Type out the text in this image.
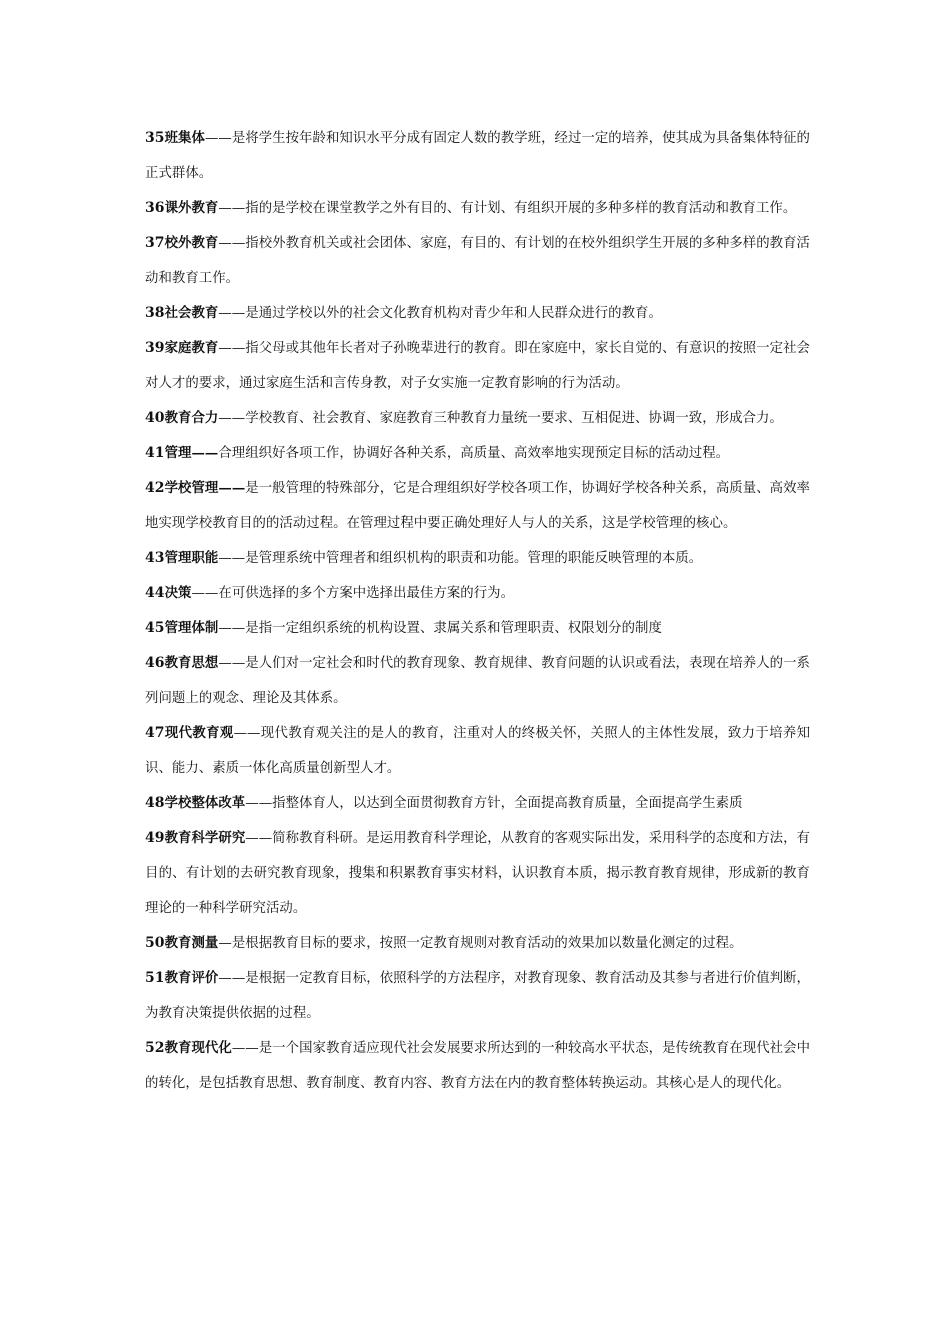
35班集体——是将学生按年龄和知识水平分成有固定人数的教学班，经过一定的培养，使其成为具备集体特征的正式群体。

36课外教育——指的是学校在课堂教学之外有目的、有计划、有组织开展的多种多样的教育活动和教育工作。

37校外教育——指校外教育机关或社会团体、家庭，有目的、有计划的在校外组织学生开展的多种多样的教育活动和教育工作。

38社会教育——是通过学校以外的社会文化教育机构对青少年和人民群众进行的教育。

39家庭教育——指父母或其他年长者对子孙晚辈进行的教育。即在家庭中，家长自觉的、有意识的按照一定社会对人才的要求，通过家庭生活和言传身教，对子女实施一定教育影响的行为活动。

40教育合力——学校教育、社会教育、家庭教育三种教育力量统一要求、互相促进、协调一致，形成合力。

41管理——合理组织好各项工作，协调好各种关系，高质量、高效率地实现预定目标的活动过程。

42学校管理——是一般管理的特殊部分，它是合理组织好学校各项工作，协调好学校各种关系，高质量、高效率地实现学校教育目的的活动过程。在管理过程中要正确处理好人与人的关系，这是学校管理的核心。

43管理职能——是管理系统中管理者和组织机构的职责和功能。管理的职能反映管理的本质。

44决策——在可供选择的多个方案中选择出最佳方案的行为。

45管理体制——是指一定组织系统的机构设置、隶属关系和管理职责、权限划分的制度

46教育思想——是人们对一定社会和时代的教育现象、教育规律、教育问题的认识或看法，表现在培养人的一系列问题上的观念、理论及其体系。

47现代教育观——现代教育观关注的是人的教育，注重对人的终极关怀，关照人的主体性发展，致力于培养知识、能力、素质一体化高质量创新型人才。

48学校整体改革——指整体育人，以达到全面贯彻教育方针，全面提高教育质量，全面提高学生素质

49教育科学研究——简称教育科研。是运用教育科学理论，从教育的客观实际出发，采用科学的态度和方法，有目的、有计划的去研究教育现象，搜集和积累教育事实材料，认识教育本质，揭示教育教育规律，形成新的教育理论的一种科学研究活动。

50教育测量—是根据教育目标的要求，按照一定教育规则对教育活动的效果加以数量化测定的过程。

51教育评价——是根据一定教育目标，依照科学的方法程序，对教育现象、教育活动及其参与者进行价值判断，为教育决策提供依据的过程。

52教育现代化——是一个国家教育适应现代社会发展要求所达到的一种较高水平状态，是传统教育在现代社会中的转化，是包括教育思想、教育制度、教育内容、教育方法在内的教育整体转换运动。其核心是人的现代化。
